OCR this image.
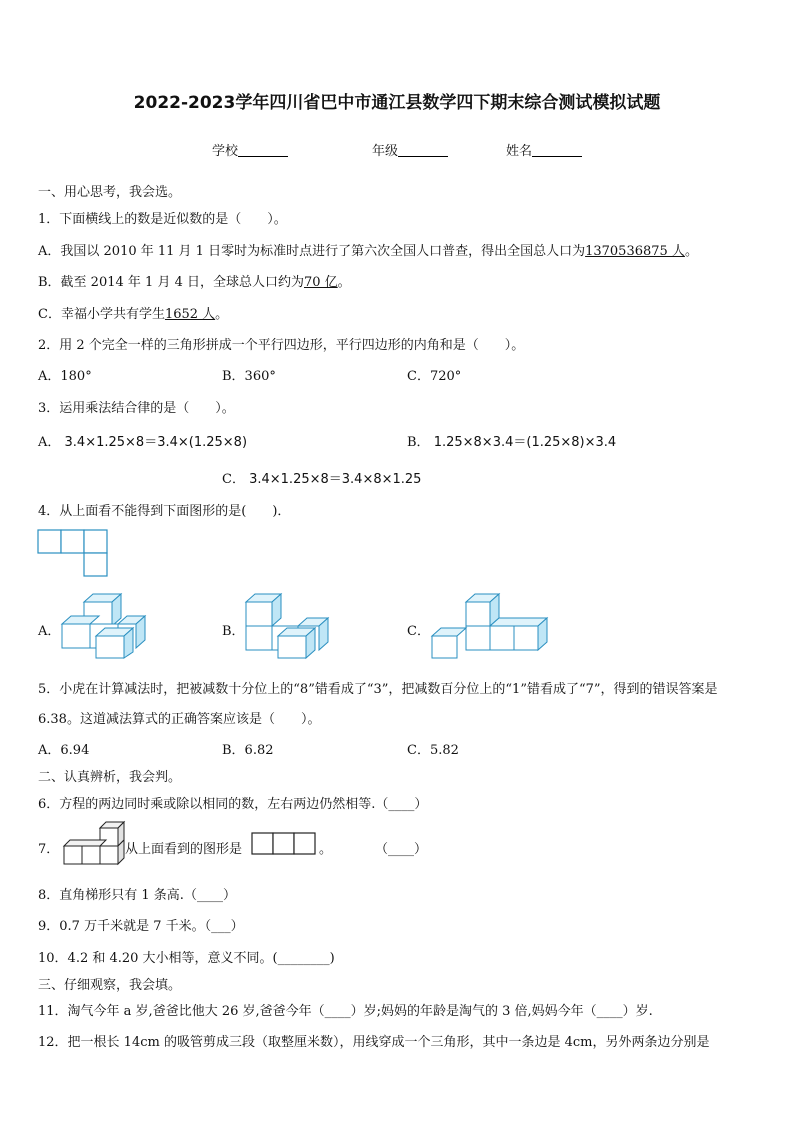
2022-2023学年四川省巴中市通江县数学四下期末综合测试模拟试题
学校	年级	姓名
一、用心思考，我会选。
1．下面横线上的数是近似数的是（　　）。
A．我国以 2010 年 11 月 1 日零时为标准时点进行了第六次全国人口普查，得出全国总人口为1370536875 人。
B．截至 2014 年 1 月 4 日，全球总人口约为70 亿。
C．幸福小学共有学生1652 人。
2．用 2 个完全一样的三角形拼成一个平行四边形，平行四边形的内角和是（　　）。
A．180°	B．360°	C．720°
3．运用乘法结合律的是（　　）。
A． 3.4×1.25×8＝3.4×(1.25×8)	B． 1.25×8×3.4＝(1.25×8)×3.4
C． 3.4×1.25×8＝3.4×8×1.25
4．从上面看不能得到下面图形的是(　　)．
A．	B．	C．
5．小虎在计算减法时，把被减数十分位上的“8”错看成了“3”，把减数百分位上的“1”错看成了“7”，得到的错误答案是
6.38。这道减法算式的正确答案应该是（　　）。
A．6.94	B．6.82	C．5.82
二、认真辨析，我会判。
6．方程的两边同时乘或除以相同的数，左右两边仍然相等.（____）
7．	从上面看到的图形是	。	（____）
8．直角梯形只有 1 条高.（____）
9．0.7 万千米就是 7 千米。（___）
10．4.2 和 4.20 大小相等，意义不同。(________)
三、仔细观察，我会填。
11．淘气今年 a 岁,爸爸比他大 26 岁,爸爸今年（____）岁;妈妈的年龄是淘气的 3 倍,妈妈今年（____）岁.
12．把一根长 14cm 的吸管剪成三段（取整厘米数），用线穿成一个三角形，其中一条边是 4cm，另外两条边分别是
